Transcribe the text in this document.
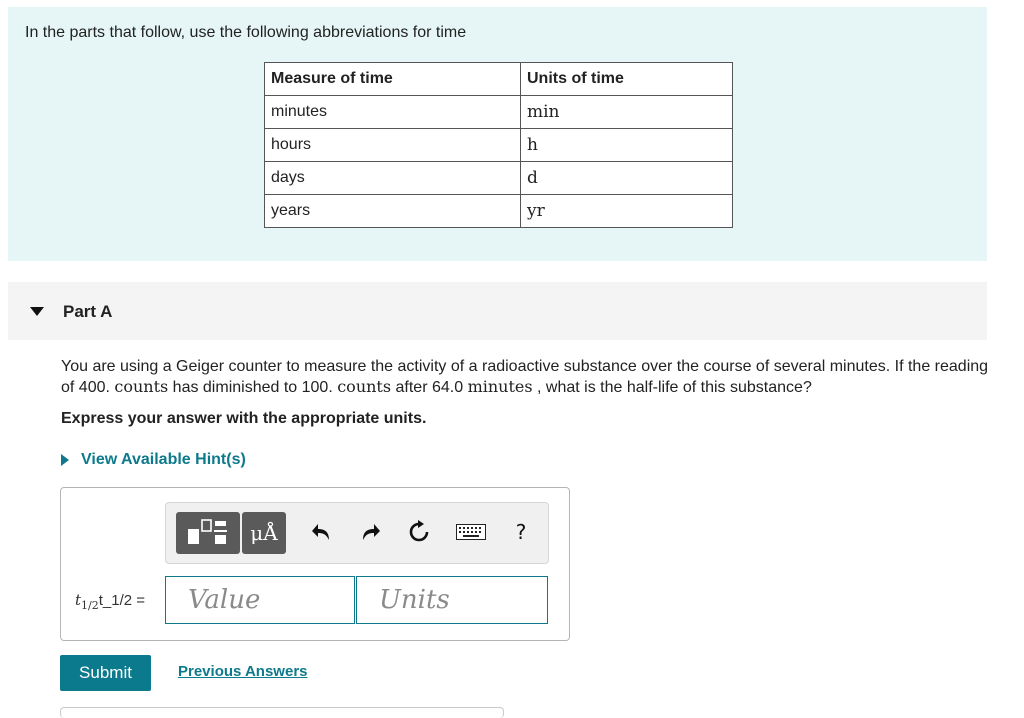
In the parts that follow, use the following abbreviations for time
Measure of time	Units of time
minutes	min
hours	h
days	d
years	yr
Part A
You are using a Geiger counter to measure the activity of a radioactive substance over the course of several minutes. If the reading of 400. counts has diminished to 100. counts after 64.0 minutes , what is the half-life of this substance?
Express your answer with the appropriate units.
View Available Hint(s)
μÅ	?
$t_{1/2}t\_1/2$ =	Value	Units
Submit	Previous Answers
